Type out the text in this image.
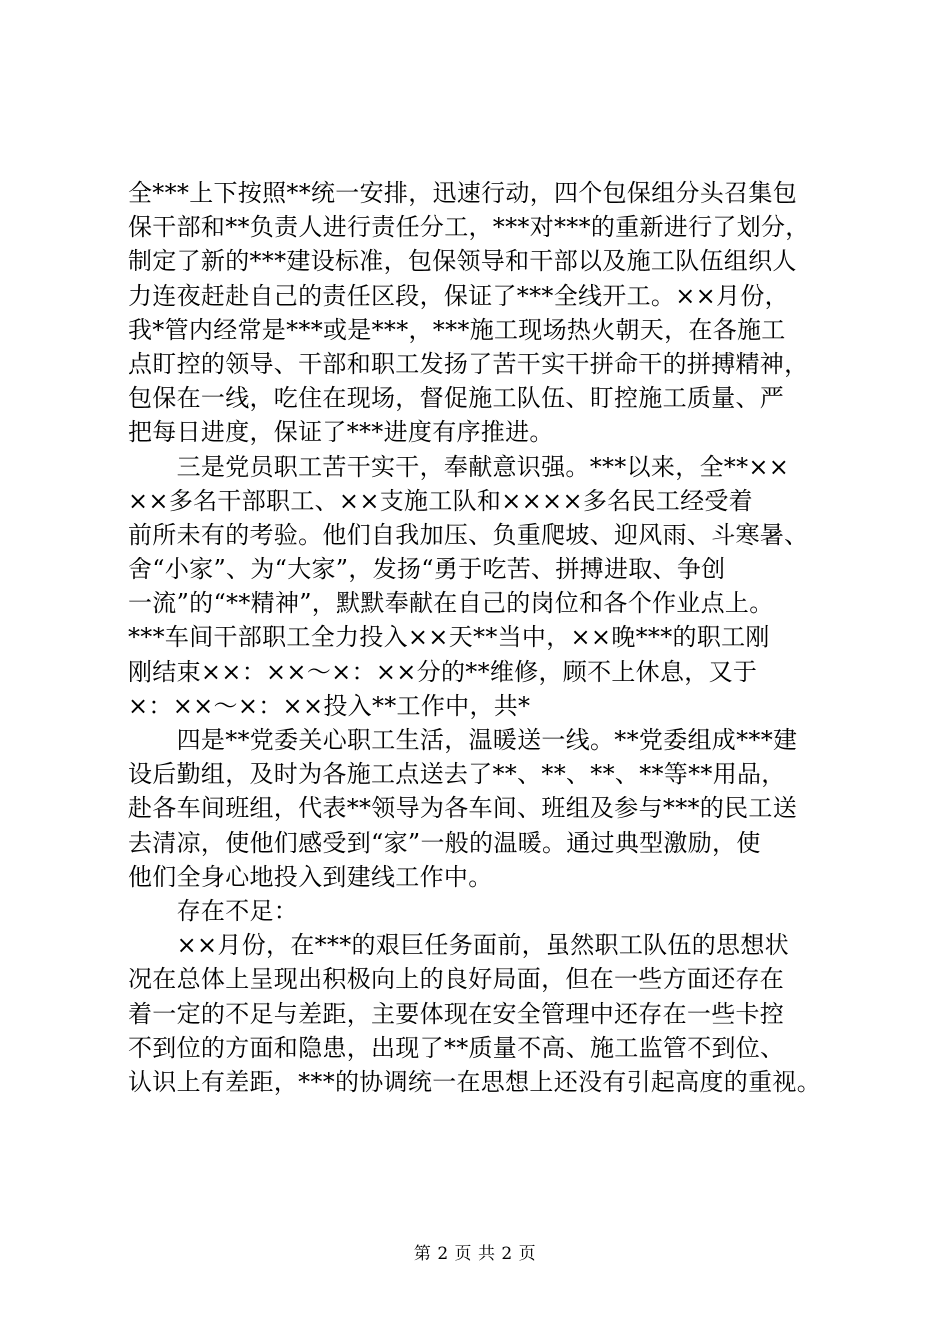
全***上下按照**统一安排，迅速行动，四个包保组分头召集包
保干部和**负责人进行责任分工，***对***的重新进行了划分，
制定了新的***建设标准，包保领导和干部以及施工队伍组织人
力连夜赶赴自己的责任区段，保证了***全线开工。××月份，
我*管内经常是***或是***，***施工现场热火朝天，在各施工
点盯控的领导、干部和职工发扬了苦干实干拼命干的拼搏精神，
包保在一线，吃住在现场，督促施工队伍、盯控施工质量、严
把每日进度，保证了***进度有序推进。
　　三是党员职工苦干实干，奉献意识强。***以来，全**××
××多名干部职工、××支施工队和××××多名民工经受着
前所未有的考验。他们自我加压、负重爬坡、迎风雨、斗寒暑、
舍“小家”、为“大家”，发扬“勇于吃苦、拼搏进取、争创
一流”的“**精神”，默默奉献在自己的岗位和各个作业点上。
***车间干部职工全力投入××天**当中，××晚***的职工刚
刚结束××：××～×：××分的**维修，顾不上休息，又于
×：××～×：××投入**工作中，共*
　　四是**党委关心职工生活，温暖送一线。**党委组成***建
设后勤组，及时为各施工点送去了**、**、**、**等**用品，
赴各车间班组，代表**领导为各车间、班组及参与***的民工送
去清凉，使他们感受到“家”一般的温暖。通过典型激励，使
他们全身心地投入到建线工作中。
　　存在不足：
　　××月份，在***的艰巨任务面前，虽然职工队伍的思想状
况在总体上呈现出积极向上的良好局面，但在一些方面还存在
着一定的不足与差距，主要体现在安全管理中还存在一些卡控
不到位的方面和隐患，出现了**质量不高、施工监管不到位、
认识上有差距，***的协调统一在思想上还没有引起高度的重视。
第 2 页 共 2 页
